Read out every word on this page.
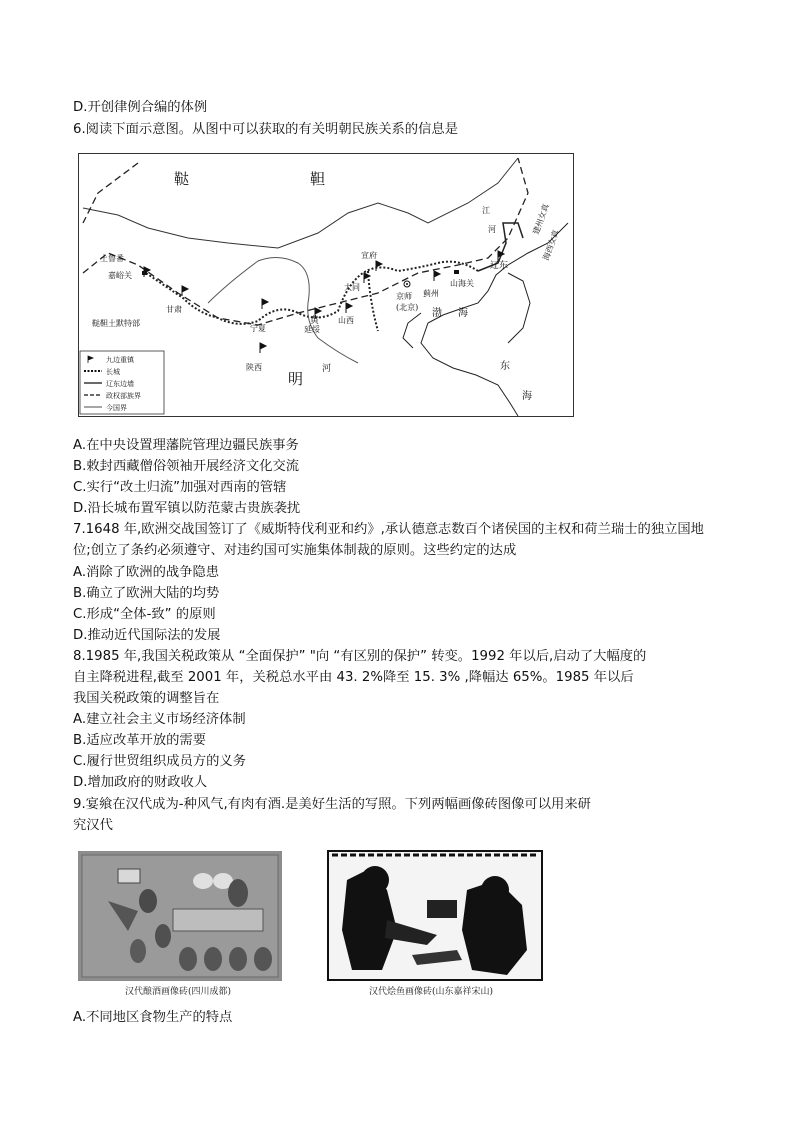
D.开创律例合编的体例
6.阅读下面示意图。从图中可以获取的有关明朝民族关系的信息是
鞑	靼
明
土鲁番
嘉峪关
鞑靼土默特部
甘肃
宁夏	延绥
山西
陕西
大同
宣府
京师
(北京)
蓟州
山海关
辽东
江
河
黄
河
渤 海
东
海
建州女真
海西女真
九边重镇
长城
辽东边墙
政权部族界
今国界
A.在中央设置理藩院管理边疆民族事务
B.敕封西藏僧俗领袖开展经济文化交流
C.实行“改土归流”加强对西南的管辖
D.沿长城布置军镇以防范蒙古贵族袭扰
7.1648 年,欧洲交战国签订了《威斯特伐利亚和约》,承认德意志数百个诸侯国的主权和荷兰瑞士的独立国地
位;创立了条约必须遵守、对违约国可实施集体制裁的原则。这些约定的达成
A.消除了欧洲的战争隐患
B.确立了欧洲大陆的均势
C.形成“全体-致” 的原则
D.推动近代国际法的发展
8.1985 年,我国关税政策从 “全面保护” "向 “有区别的保护” 转变。1992 年以后,启动了大幅度的
自主降税进程,截至 2001 年，关税总水平由 43. 2%降至 15. 3% ,降幅达 65%。1985 年以后
我国关税政策的调整旨在
A.建立社会主义市场经济体制
B.适应改革开放的需要
C.履行世贸组织成员方的义务
D.增加政府的财政收人
9.宴飨在汉代成为-种风气,有肉有酒.是美好生活的写照。下列两幅画像砖图像可以用来研
究汉代
汉代酿酒画像砖(四川成都)	汉代烩鱼画像砖(山东嘉祥宋山)
A.不同地区食物生产的特点
